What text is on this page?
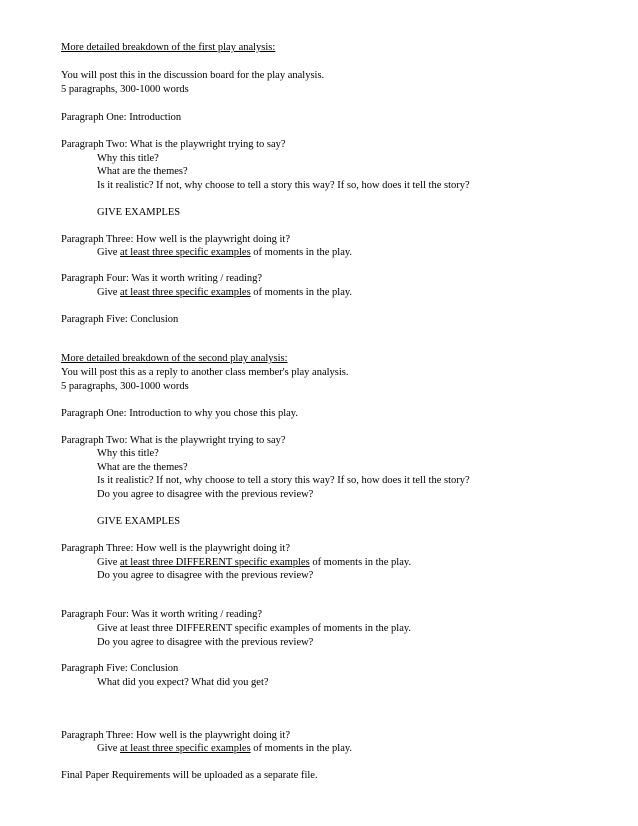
More detailed breakdown of the first play analysis:
You will post this in the discussion board for the play analysis.
5 paragraphs, 300-1000 words
Paragraph One: Introduction
Paragraph Two: What is the playwright trying to say?
Why this title?
What are the themes?
Is it realistic? If not, why choose to tell a story this way? If so, how does it tell the story?
GIVE EXAMPLES
Paragraph Three: How well is the playwright doing it?
Give at least three specific examples of moments in the play.
Paragraph Four: Was it worth writing / reading?
Give at least three specific examples of moments in the play.
Paragraph Five: Conclusion
More detailed breakdown of the second play analysis:
You will post this as a reply to another class member's play analysis.
5 paragraphs, 300-1000 words
Paragraph One: Introduction to why you chose this play.
Paragraph Two: What is the playwright trying to say?
Why this title?
What are the themes?
Is it realistic? If not, why choose to tell a story this way? If so, how does it tell the story?
Do you agree to disagree with the previous review?
GIVE EXAMPLES
Paragraph Three: How well is the playwright doing it?
Give at least three DIFFERENT specific examples of moments in the play.
Do you agree to disagree with the previous review?
Paragraph Four: Was it worth writing / reading?
Give at least three DIFFERENT specific examples of moments in the play.
Do you agree to disagree with the previous review?
Paragraph Five: Conclusion
What did you expect? What did you get?
Paragraph Three: How well is the playwright doing it?
Give at least three specific examples of moments in the play.
Final Paper Requirements will be uploaded as a separate file.
